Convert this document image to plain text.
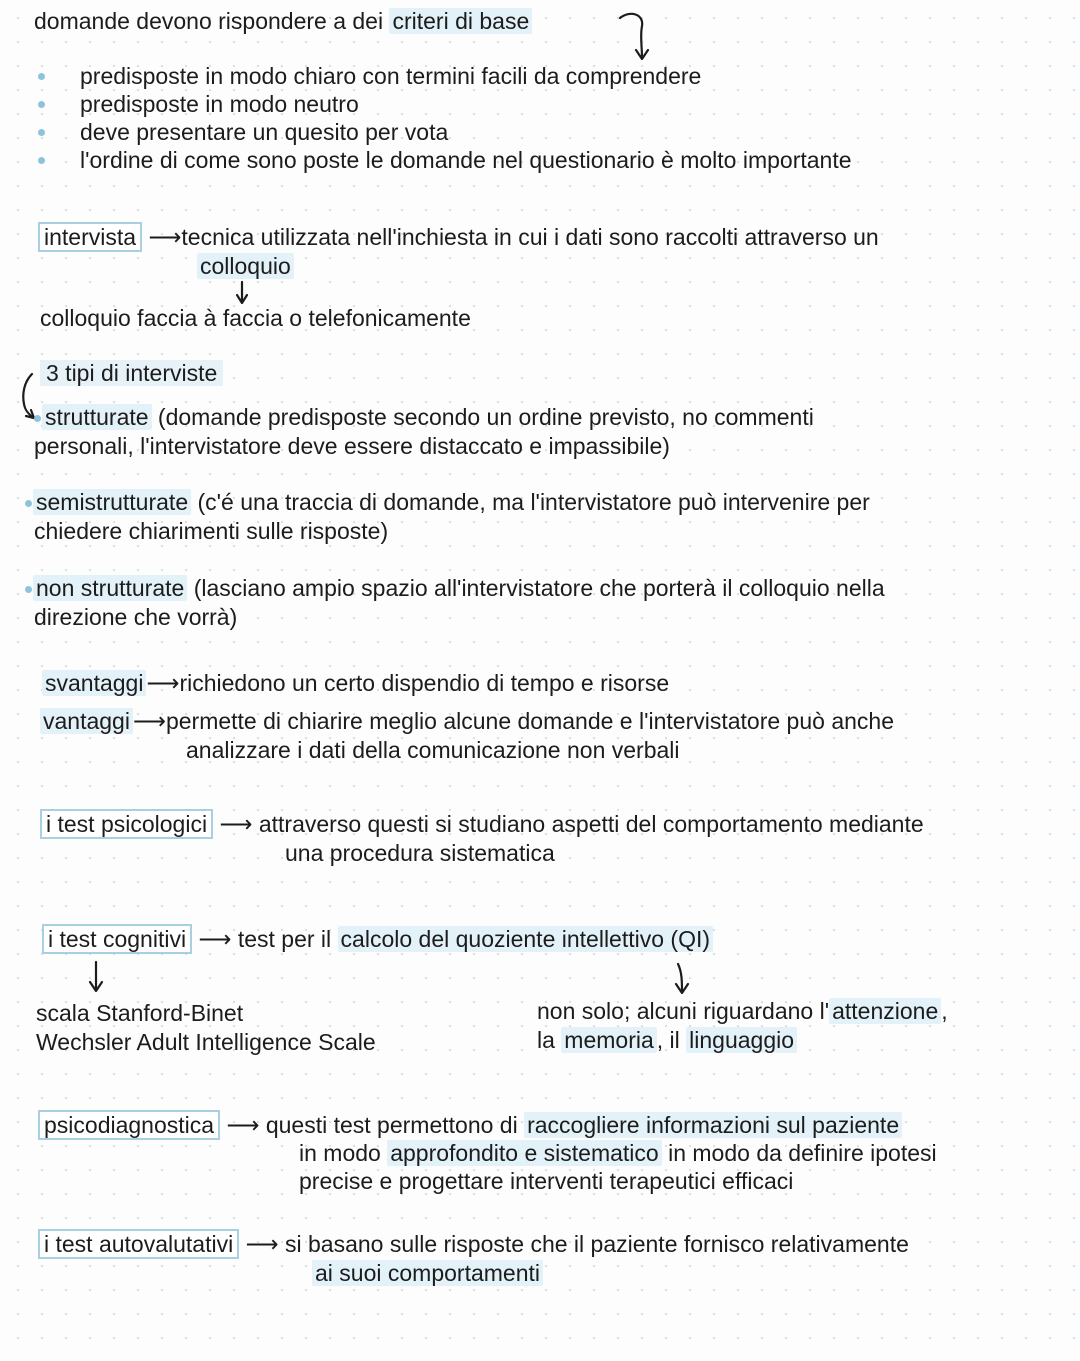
domande devono rispondere a dei criteri di base
predisposte in modo chiaro con termini facili da comprendere
predisposte in modo neutro
deve presentare un quesito per vota
l'ordine di come sono poste le domande nel questionario è molto importante
intervista ⟶tecnica utilizzata nell'inchiesta in cui i dati sono raccolti attraverso un
colloquio
colloquio faccia à faccia o telefonicamente
3 tipi di interviste
strutturate (domande predisposte secondo un ordine previsto, no commenti
personali, l'intervistatore deve essere distaccato e impassibile)
semistrutturate (c'é una traccia di domande, ma l'intervistatore può intervenire per
chiedere chiarimenti sulle risposte)
non strutturate (lasciano ampio spazio all'intervistatore che porterà il colloquio nella
direzione che vorrà)
svantaggi ⟶richiedono un certo dispendio di tempo e risorse
vantaggi ⟶permette di chiarire meglio alcune domande e l'intervistatore può anche
analizzare i dati della comunicazione non verbali
i test psicologici ⟶ attraverso questi si studiano aspetti del comportamento mediante
una procedura sistematica
i test cognitivi ⟶ test per il calcolo del quoziente intellettivo (QI)
scala Stanford-Binet
Wechsler Adult Intelligence Scale
non solo; alcuni riguardano l' attenzione ,
la memoria , il linguaggio
psicodiagnostica ⟶ questi test permettono di raccogliere informazioni sul paziente
in modo approfondito e sistematico in modo da definire ipotesi
precise e progettare interventi terapeutici efficaci
i test autovalutativi ⟶ si basano sulle risposte che il paziente fornisco relativamente
ai suoi comportamenti
